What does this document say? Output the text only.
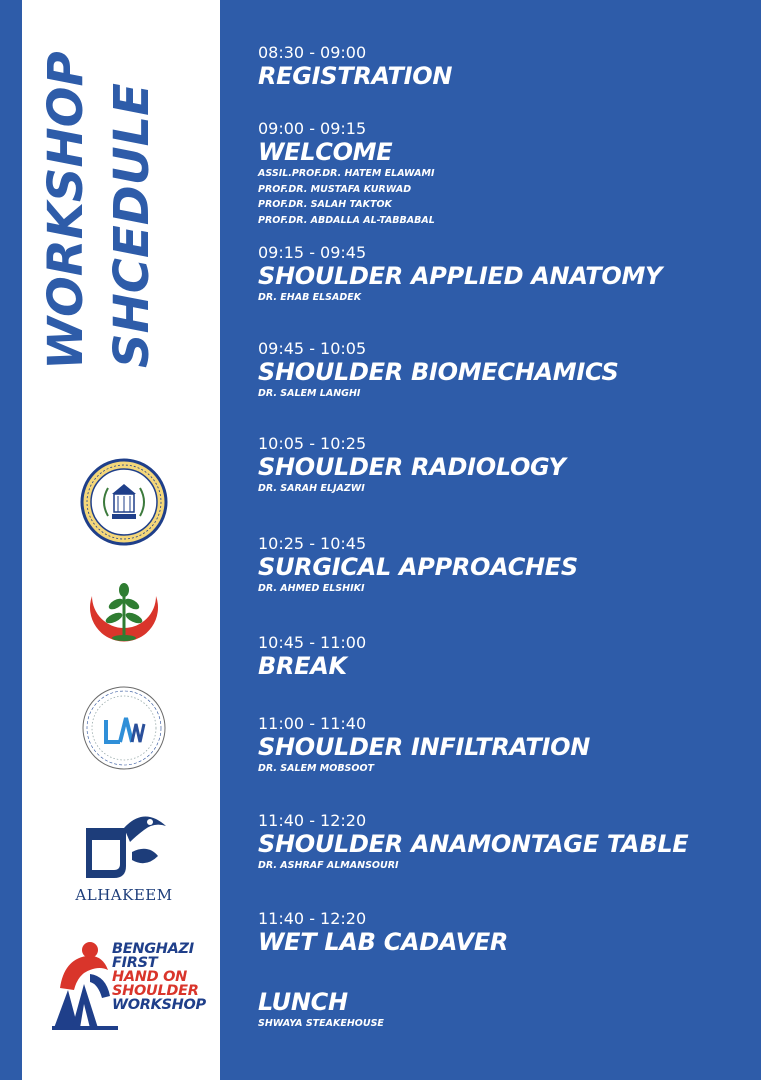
WORKSHOP SHCEDULE
ALHAKEEM
BENGHAZI
FIRST
HAND ON
SHOULDER
WORKSHOP
08:30 - 09:00
REGISTRATION
09:00 - 09:15
WELCOME
ASSIL.PROF.DR. HATEM ELAWAMI
PROF.DR. MUSTAFA KURWAD
PROF.DR. SALAH TAKTOK
PROF.DR. ABDALLA AL-TABBABAL
09:15 - 09:45
SHOULDER APPLIED ANATOMY
DR. EHAB ELSADEK
09:45 - 10:05
SHOULDER BIOMECHAMICS
DR. SALEM LANGHI
10:05 - 10:25
SHOULDER RADIOLOGY
DR. SARAH ELJAZWI
10:25 - 10:45
SURGICAL APPROACHES
DR. AHMED ELSHIKI
10:45 - 11:00
BREAK
11:00 - 11:40
SHOULDER INFILTRATION
DR. SALEM MOBSOOT
11:40 - 12:20
SHOULDER ANAMONTAGE TABLE
DR. ASHRAF ALMANSOURI
11:40 - 12:20
WET LAB CADAVER
LUNCH
SHWAYA STEAKEHOUSE
